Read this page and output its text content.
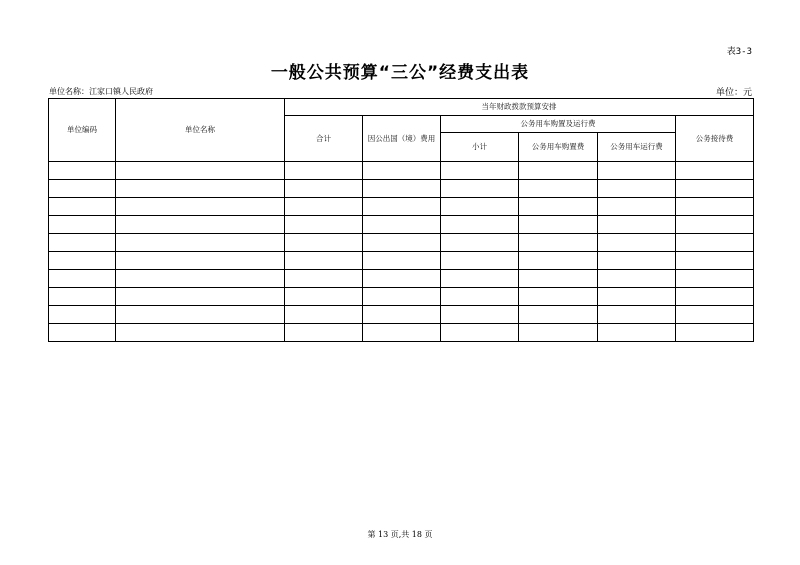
表3-3
一般公共预算“三公”经费支出表
单位名称：江家口镇人民政府	单位：元
单位编码	单位名称	当年财政拨款预算安排					
		合计	因公出国（境）费用	公务用车购置及运行费			公务接待费
				小计	公务用车购置费	公务用车运行费	

第 13 页,共 18 页
